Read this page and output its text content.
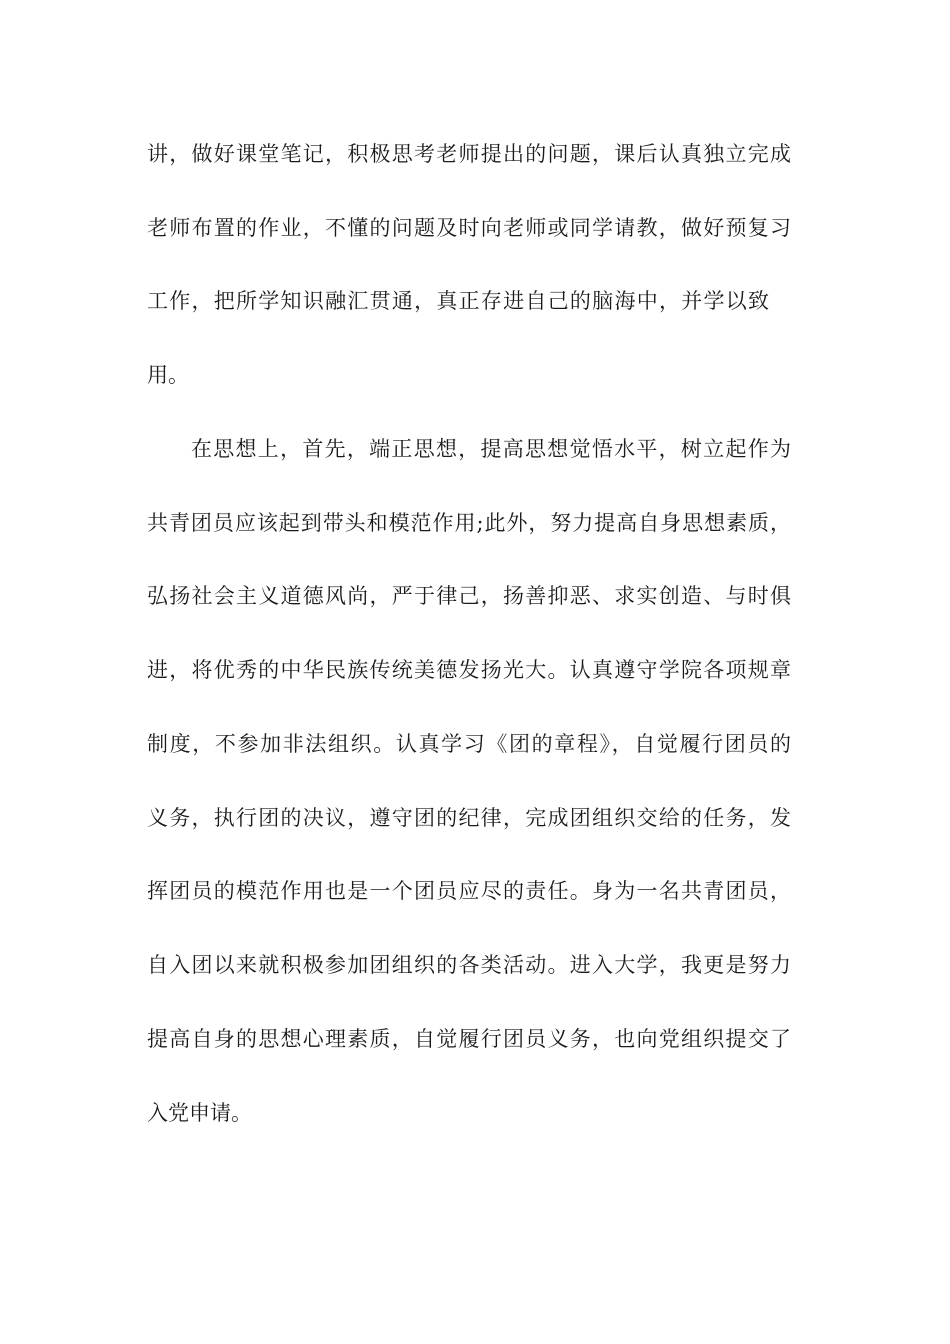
讲，做好课堂笔记，积极思考老师提出的问题，课后认真独立完成
老师布置的作业，不懂的问题及时向老师或同学请教，做好预复习
工作，把所学知识融汇贯通，真正存进自己的脑海中，并学以致
用。
在思想上，首先，端正思想，提高思想觉悟水平，树立起作为
共青团员应该起到带头和模范作用;此外，努力提高自身思想素质，
弘扬社会主义道德风尚，严于律己，扬善抑恶、求实创造、与时俱
进，将优秀的中华民族传统美德发扬光大。认真遵守学院各项规章
制度，不参加非法组织。认真学习《团的章程》，自觉履行团员的
义务，执行团的决议，遵守团的纪律，完成团组织交给的任务，发
挥团员的模范作用也是一个团员应尽的责任。身为一名共青团员，
自入团以来就积极参加团组织的各类活动。进入大学，我更是努力
提高自身的思想心理素质，自觉履行团员义务，也向党组织提交了
入党申请。
